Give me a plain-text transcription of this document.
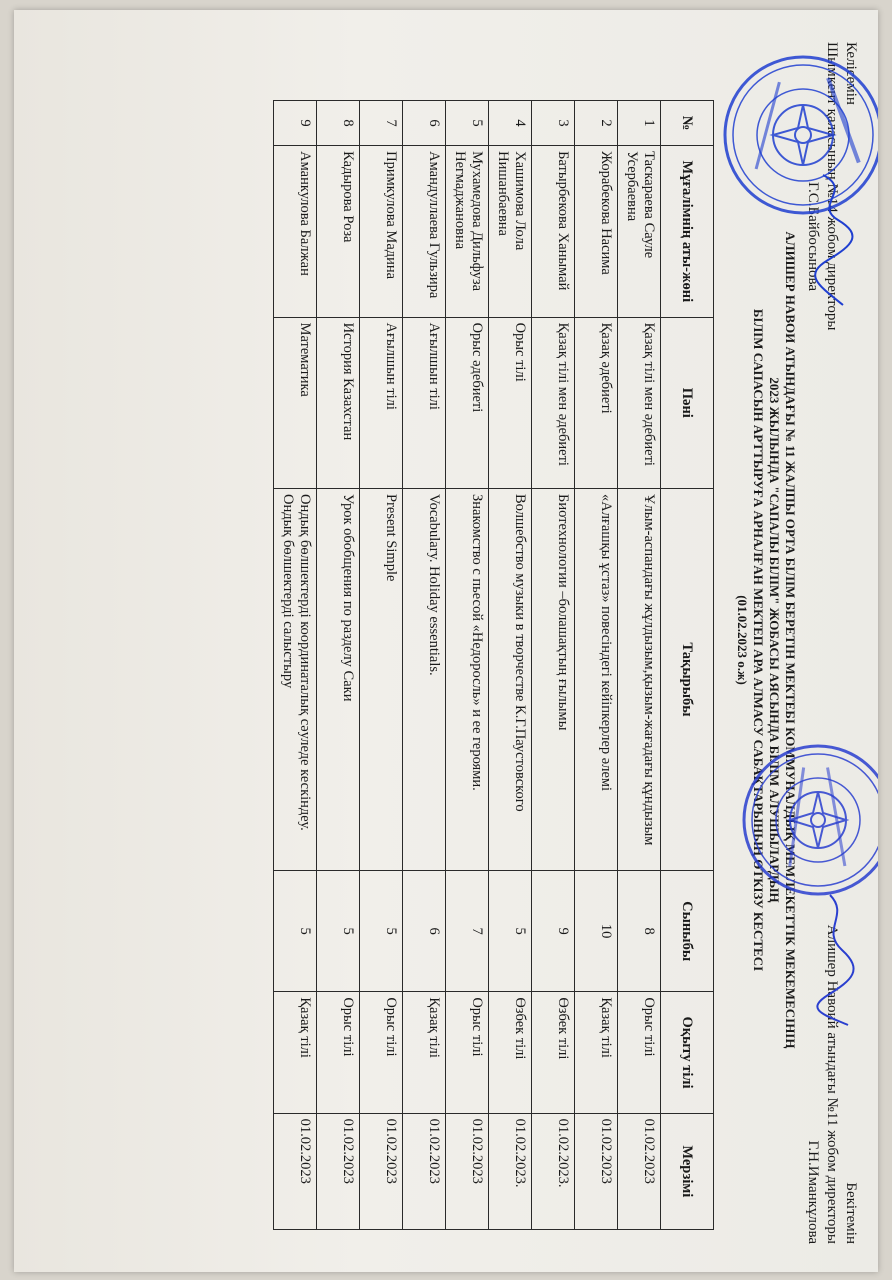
Келісемін
Шымкент қаласының №14 жобом директоры
Г.С.Байбосынова
Бекітемін
Алишер Навоий атындағы №11 жобом директоры
Г.Н.Иманкұлова
АЛИШЕР НАВОИ АТЫНДАҒЫ № 11 ЖАЛПЫ ОРТА БІЛІМ БЕРЕТІН МЕКТЕБІ КОММУНАЛДЫҚ МЕМЛЕКЕТТІК МЕКЕМЕСІНІҢ
2023 ЖЫЛЫНДА "САПАЛЫ БІЛІМ" ЖОБАСЫ АЯСЫНДА БІЛІМ АЛУШЫЛАРДЫҢ
БІЛІМ САПАСЫН АРТТЫРУҒА АРНАЛҒАН МЕКТЕП АРА АЛМАСУ САБАҚТАРЫНЫҢ ӨТКІЗУ КЕСТЕСІ
(01.02.2023 о.ж)
№	Мұғалімнің аты-жөні	Пәні	Тақырыбы	Сыныбы	Оқыту тілі	Мерзімі
1	Таскараева Сауле Усербаевна	Қазақ тілі мен әдебиеті	Ұлым-аспандағы жұлдызым,қызым-жағадағы құндызым	8	Орыс тілі	01.02.2023
2	Жорабекова Насима	Қазақ әдебиеті	«Алғашқы ұстаз» повесіндегі кейіпкерлер әлемі	10	Қазақ тілі	01.02.2023
3	Батырбекова Ханымай	Қазақ тілі мен әдебиеті	Биотехнологии –болашақтың ғылымы	9	Өзбек тілі	01.02.2023.
4	Хашимова Лола Нишанбаевна	Орыс тілі	Волшебство музыки в творчестве К.Г.Паустовского	5	Өзбек тілі	01.02.2023.
5	Мухамедова Дильфуза Негмаджановна	Орыс әдебиеті	Знакомство с пьесой «Недоросль» и ее героями.	7	Орыс тілі	01.02.2023
6	Амандуллаева Гульзира	Ағылшын тілі	Vocabulary. Holiday essentials.	6	Қазақ тілі	01.02.2023
7	Примкулова Мадина	Ағылшын тілі	Present Simple	5	Орыс тілі	01.02.2023
8	Кадырова Роза	История Казахстан	Урок обобщения по разделу Саки	5	Орыс тілі	01.02.2023
9	Аманкулова Балжан	Математика	Ондық бөлшектерді координаталық сәуледе кескіндеу. Ондық бөлшектерді салыстыру	5	Қазақ тілі	01.02.2023
